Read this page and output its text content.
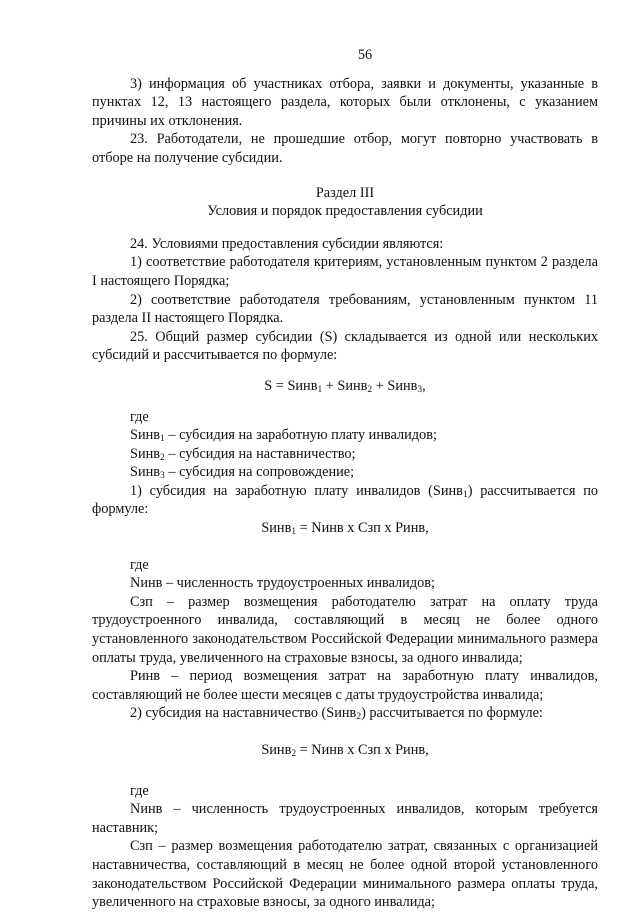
56

3) информация об участниках отбора, заявки и документы, указанные в пунктах 12, 13 настоящего раздела, которых были отклонены, с указанием причины их отклонения.

23. Работодатели, не прошедшие отбор, могут повторно участвовать в отборе на получение субсидии.

Раздел III

Условия и порядок предоставления субсидии

24. Условиями предоставления субсидии являются:

1) соответствие работодателя критериям, установленным пунктом 2 раздела I настоящего Порядка;

2) соответствие работодателя требованиям, установленным пунктом 11 раздела II настоящего Порядка.

25. Общий размер субсидии (S) складывается из одной или нескольких субсидий и рассчитывается по формуле:

S = Sинв$_1$ + Sинв$_2$ + Sинв$_3$,

где

Sинв$_1$ – субсидия на заработную плату инвалидов;

Sинв$_2$ – субсидия на наставничество;

Sинв$_3$ – субсидия на сопровождение;

1) субсидия на заработную плату инвалидов (Sинв$_1$) рассчитывается по формуле:

Sинв$_1$ = Nинв х Сзп х Ринв,

где

Nинв – численность трудоустроенных инвалидов;

Сзп – размер возмещения работодателю затрат на оплату труда трудоустроенного инвалида, составляющий в месяц не более одного установленного законодательством Российской Федерации минимального размера оплаты труда, увеличенного на страховые взносы, за одного инвалида;

Ринв – период возмещения затрат на заработную плату инвалидов, составляющий не более шести месяцев с даты трудоустройства инвалида;

2) субсидия на наставничество (Sинв$_2$) рассчитывается по формуле:

Sинв$_2$ = Nинв х Сзп х Ринв,

где

Nинв – численность трудоустроенных инвалидов, которым требуется наставник;

Сзп – размер возмещения работодателю затрат, связанных с организацией наставничества, составляющий в месяц не более одной второй установленного законодательством Российской Федерации минимального размера оплаты труда, увеличенного на страховые взносы, за одного инвалида;
